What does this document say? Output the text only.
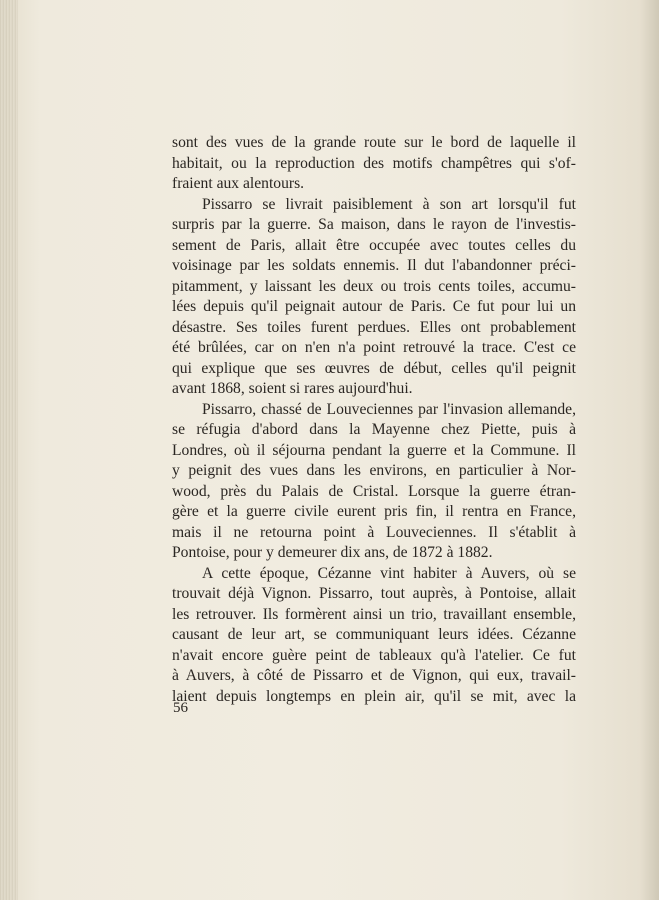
sont des vues de la grande route sur le bord de laquelle il
habitait, ou la reproduction des motifs champêtres qui s'of-
fraient aux alentours.
Pissarro se livrait paisiblement à son art lorsqu'il fut
surpris par la guerre. Sa maison, dans le rayon de l'investis-
sement de Paris, allait être occupée avec toutes celles du
voisinage par les soldats ennemis. Il dut l'abandonner préci-
pitamment, y laissant les deux ou trois cents toiles, accumu-
lées depuis qu'il peignait autour de Paris. Ce fut pour lui un
désastre. Ses toiles furent perdues. Elles ont probablement
été brûlées, car on n'en n'a point retrouvé la trace. C'est ce
qui explique que ses œuvres de début, celles qu'il peignit
avant 1868, soient si rares aujourd'hui.
Pissarro, chassé de Louveciennes par l'invasion allemande,
se réfugia d'abord dans la Mayenne chez Piette, puis à
Londres, où il séjourna pendant la guerre et la Commune. Il
y peignit des vues dans les environs, en particulier à Nor-
wood, près du Palais de Cristal. Lorsque la guerre étran-
gère et la guerre civile eurent pris fin, il rentra en France,
mais il ne retourna point à Louveciennes. Il s'établit à
Pontoise, pour y demeurer dix ans, de 1872 à 1882.
A cette époque, Cézanne vint habiter à Auvers, où se
trouvait déjà Vignon. Pissarro, tout auprès, à Pontoise, allait
les retrouver. Ils formèrent ainsi un trio, travaillant ensemble,
causant de leur art, se communiquant leurs idées. Cézanne
n'avait encore guère peint de tableaux qu'à l'atelier. Ce fut
à Auvers, à côté de Pissarro et de Vignon, qui eux, travail-
laient depuis longtemps en plein air, qu'il se mit, avec la
56
